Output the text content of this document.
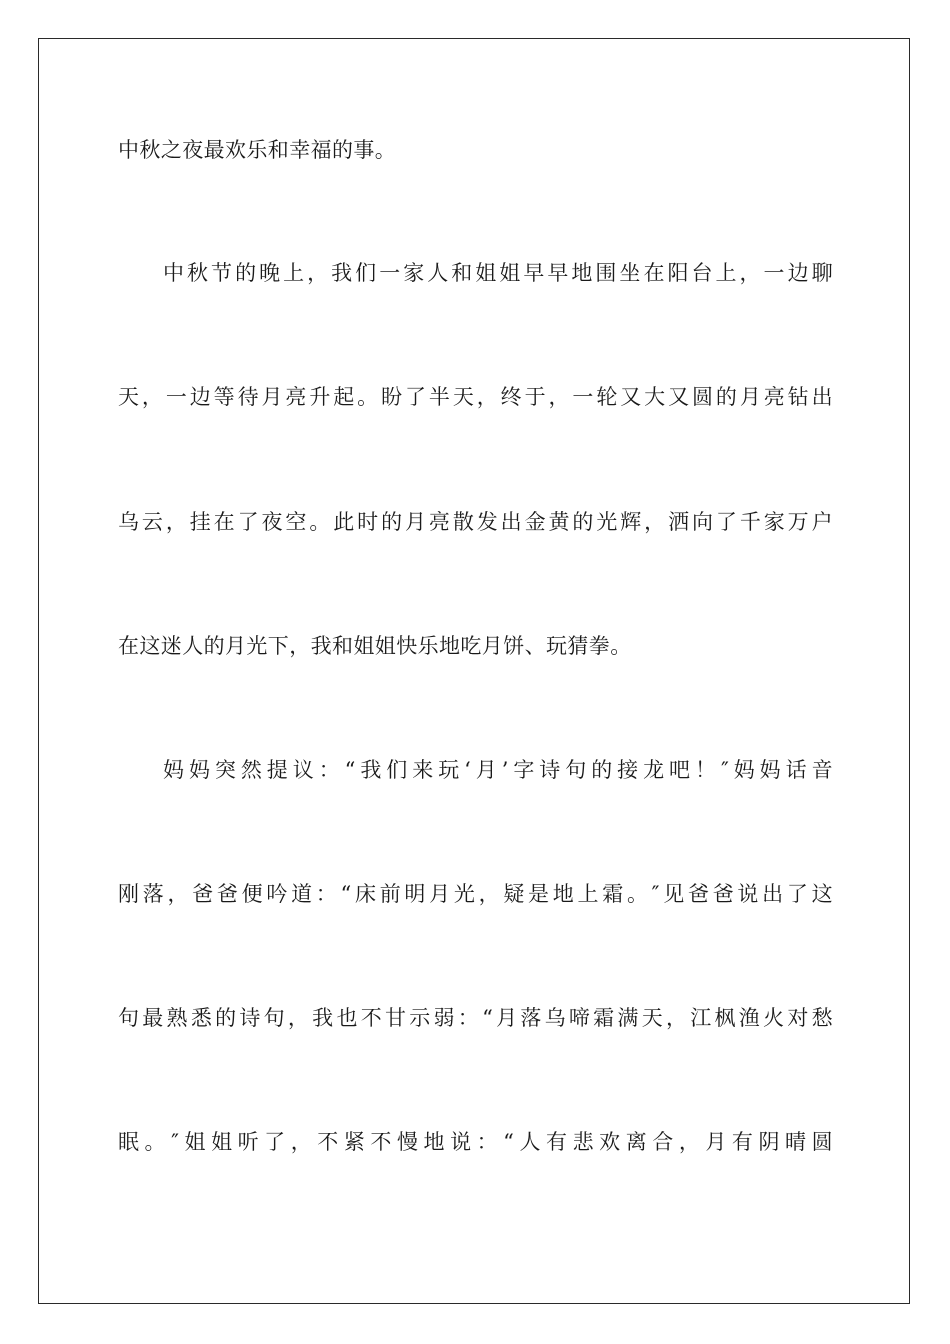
中秋之夜最欢乐和幸福的事。
中秋节的晚上，我们一家人和姐姐早早地围坐在阳台上，一边聊
天，一边等待月亮升起。盼了半天，终于，一轮又大又圆的月亮钻出
乌云，挂在了夜空。此时的月亮散发出金黄的光辉，洒向了千家万户
在这迷人的月光下，我和姐姐快乐地吃月饼、玩猜拳。
妈妈突然提议：“我们来玩‘月’字诗句的接龙吧！″妈妈话音
刚落，爸爸便吟道：“床前明月光，疑是地上霜。″见爸爸说出了这
句最熟悉的诗句，我也不甘示弱：“月落乌啼霜满天，江枫渔火对愁
眠。″姐姐听了，不紧不慢地说：“人有悲欢离合，月有阴晴圆
